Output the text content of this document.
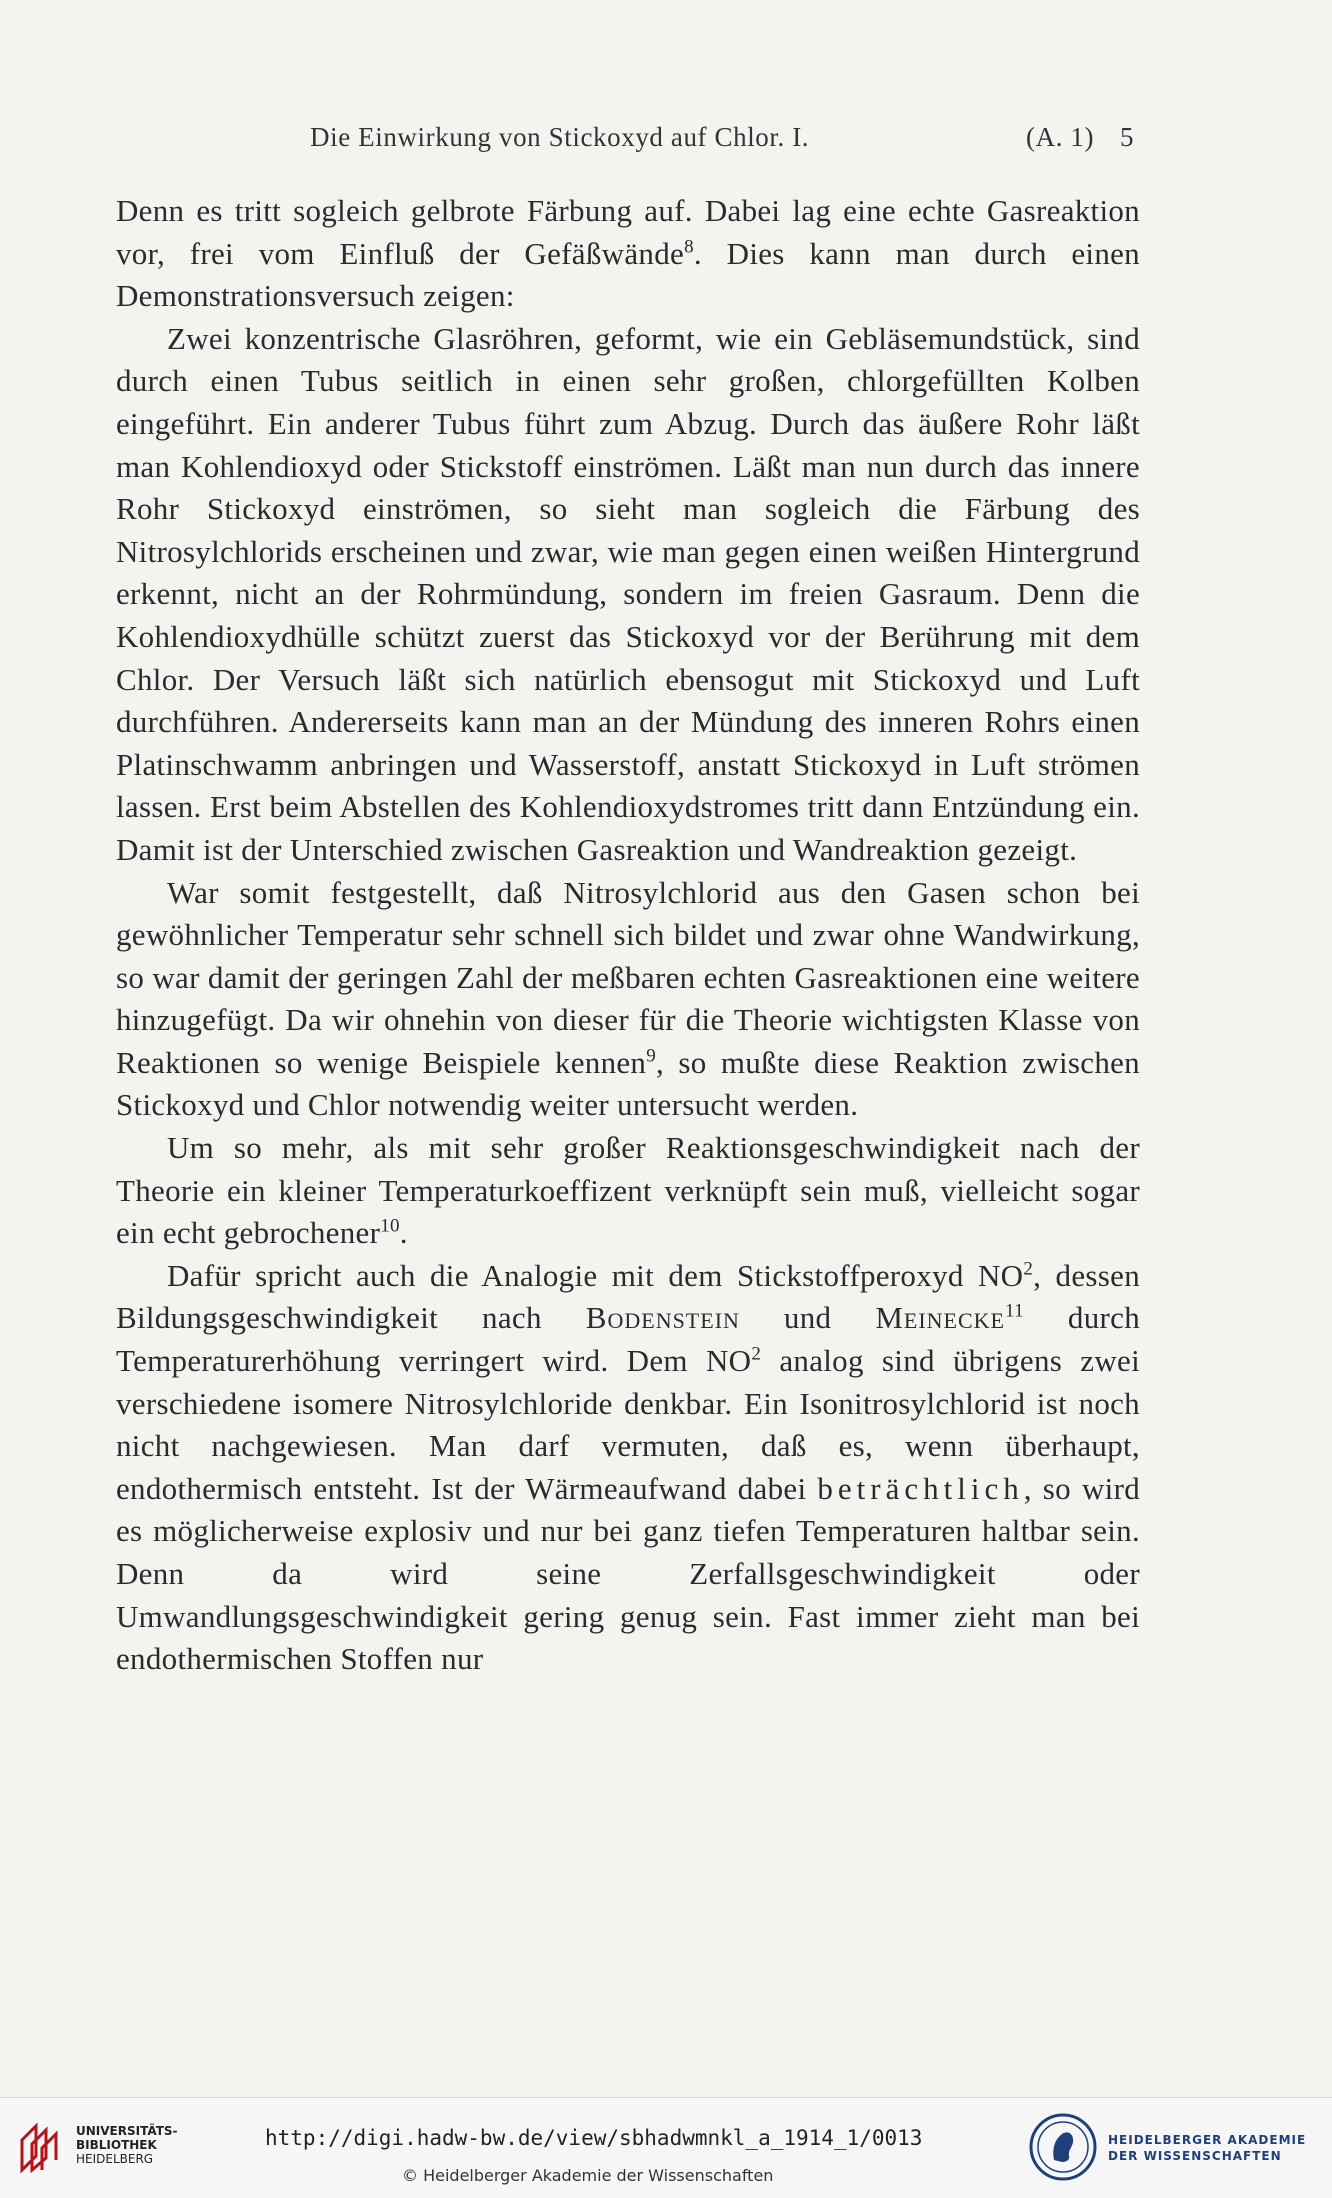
Die Einwirkung von Stickoxyd auf Chlor. I.	(A. 1) 5

Denn es tritt sogleich gelbrote Färbung auf. Dabei lag eine echte Gasreaktion vor, frei vom Einfluß der Gefäßwände$^8$. Dies kann man durch einen Demonstrationsversuch zeigen:

Zwei konzentrische Glasröhren, geformt, wie ein Gebläsemundstück, sind durch einen Tubus seitlich in einen sehr großen, chlorgefüllten Kolben eingeführt. Ein anderer Tubus führt zum Abzug. Durch das äußere Rohr läßt man Kohlendioxyd oder Stickstoff einströmen. Läßt man nun durch das innere Rohr Stickoxyd einströmen, so sieht man sogleich die Färbung des Nitrosylchlorids erscheinen und zwar, wie man gegen einen weißen Hintergrund erkennt, nicht an der Rohrmündung, sondern im freien Gasraum. Denn die Kohlendioxydhülle schützt zuerst das Stickoxyd vor der Berührung mit dem Chlor. Der Versuch läßt sich natürlich ebensogut mit Stickoxyd und Luft durchführen. Andererseits kann man an der Mündung des inneren Rohrs einen Platinschwamm anbringen und Wasserstoff, anstatt Stickoxyd in Luft strömen lassen. Erst beim Abstellen des Kohlendioxydstromes tritt dann Entzündung ein. Damit ist der Unterschied zwischen Gasreaktion und Wandreaktion gezeigt.

War somit festgestellt, daß Nitrosylchlorid aus den Gasen schon bei gewöhnlicher Temperatur sehr schnell sich bildet und zwar ohne Wandwirkung, so war damit der geringen Zahl der meßbaren echten Gasreaktionen eine weitere hinzugefügt. Da wir ohnehin von dieser für die Theorie wichtigsten Klasse von Reaktionen so wenige Beispiele kennen$^9$, so mußte diese Reaktion zwischen Stickoxyd und Chlor notwendig weiter untersucht werden.

Um so mehr, als mit sehr großer Reaktionsgeschwindigkeit nach der Theorie ein kleiner Temperaturkoeffizent verknüpft sein muß, vielleicht sogar ein echt gebrochener$^{10}$.

Dafür spricht auch die Analogie mit dem Stickstoffperoxyd $NO^2$, dessen Bildungsgeschwindigkeit nach Bodenstein und Meinecke$^{11}$ durch Temperaturerhöhung verringert wird. Dem $NO^2$ analog sind übrigens zwei verschiedene isomere Nitrosylchloride denkbar. Ein Isonitrosylchlorid ist noch nicht nachgewiesen. Man darf vermuten, daß es, wenn überhaupt, endothermisch entsteht. Ist der Wärmeaufwand dabei beträchtlich, so wird es möglicherweise explosiv und nur bei ganz tiefen Temperaturen haltbar sein. Denn da wird seine Zerfallsgeschwindigkeit oder Umwandlungsgeschwindigkeit gering genug sein. Fast immer zieht man bei endothermischen Stoffen nur

UNIVERSITÄTS-
BIBLIOTHEK
HEIDELBERG
http://digi.hadw-bw.de/view/sbhadwmnkl_a_1914_1/0013
© Heidelberger Akademie der Wissenschaften
HEIDELBERGER AKADEMIE
DER WISSENSCHAFTEN
